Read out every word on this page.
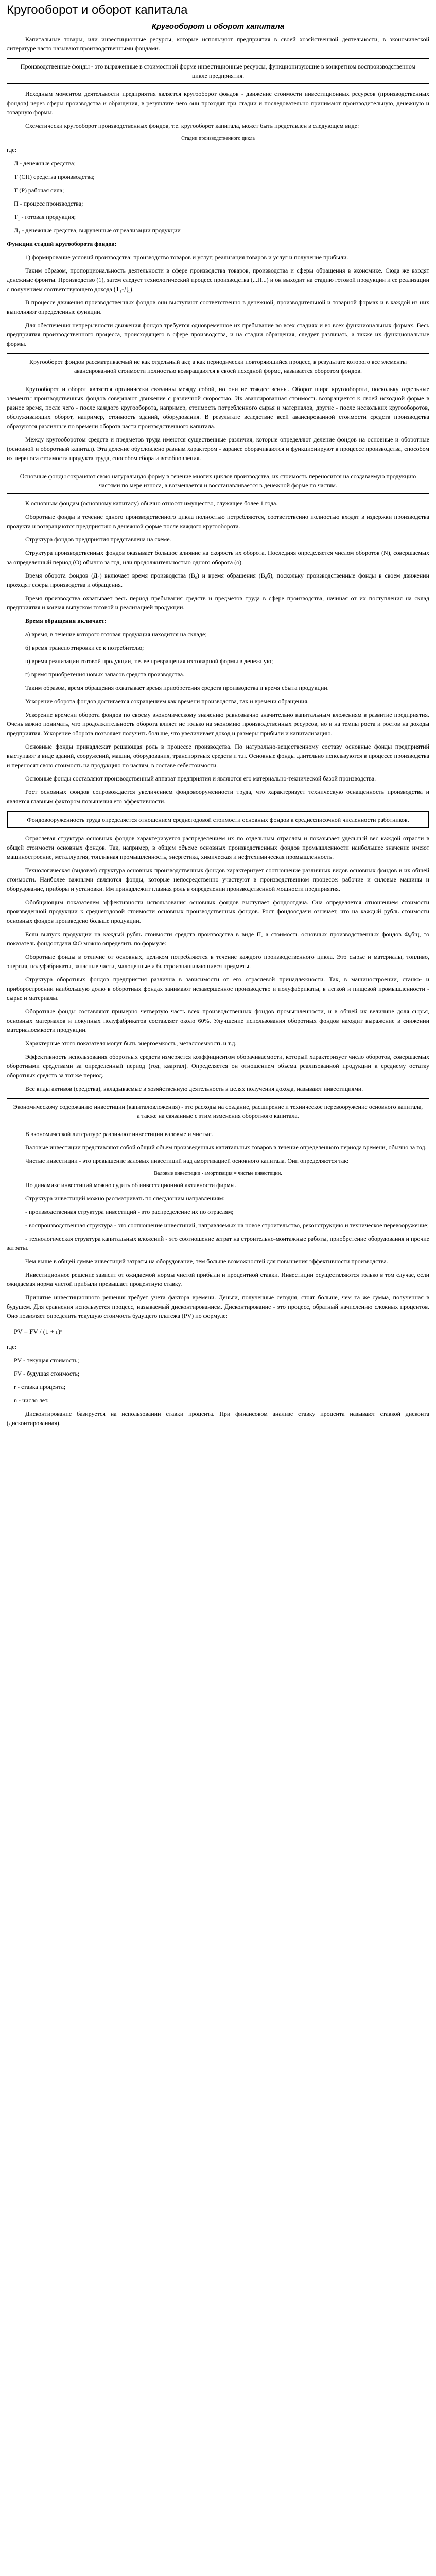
Кругооборот и оборот капитала
Кругооборот и оборот капитала

Капитальные товары, или инвестиционные ресурсы, которые используют предприятия в своей хозяйственной деятельности, в экономической литературе часто называют производственными фондами.

Производственные фонды - это выраженные в стоимостной форме инвестиционные ресурсы, функционирующие в конкретном воспроизводственном цикле предприятия.

Исходным моментом деятельности предприятия является кругооборот фондов - движение стоимости инвестиционных ресурсов (производственных фондов) через сферы производства и обращения, в результате чего они проходят три стадии и последовательно принимают производительную, денежную и товарную формы.

Схематически кругооборот производственных фондов, т.е. кругооборот капитала, может быть представлен в следующем виде:

Стадии производственного цикла

где:

Д - денежные средства;
Т (СП) средства производства;
Т (Р) рабочая сила;
П - процесс производства;
Т₁ - готовая продукция;
Д₁ - денежные средства, вырученные от реализации продукции

Функции стадий кругооборота фондов:

1) формирование условий производства: производство товаров и услуг; реализация товаров и услуг и получение прибыли.

Таким образом, пропорциональность деятельности в сфере производства товаров, производства и сферы обращения в экономике. Сюда же входят денежные фронты. Производство (1), затем следует технологический процесс производства (...П...) и он выходит на стадию готовой продукции и ее реализации с получением соответствующего дохода (Т₁-Д₁).

В процессе движения производственных фондов они выступают соответственно в денежной, производительной и товарной формах и в каждой из них выполняют определенные функции.

Для обеспечения непрерывности движения фондов требуется одновременное их пребывание во всех стадиях и во всех функциональных формах. Весь предприятия производственного процесса, происходящего в сфере производства, и на стадии обращения, следует различать, а также их функциональные формы.

Кругооборот фондов рассматриваемый не как отдельный акт, а как периодически повторяющийся процесс, в результате которого все элементы авансированной стоимости полностью возвращаются в своей исходной форме, называется оборотом фондов.

Кругооборот и оборот является органически связанны между собой, но они не тождественны. Оборот шире кругооборота, поскольку отдельные элементы производственных фондов совершают движение с различной скоростью. Их авансированная стоимость возвращается к своей исходной форме в разное время, после чего - после каждого кругооборота, например, стоимость потребленного сырья и материалов, другие - после нескольких кругооборотов, обслуживающих оборот, например, стоимость зданий, оборудования. В результате вследствие всей авансированной стоимости средств производства образуются различные по времени оборота части производственного капитала.

Между кругооборотом средств и предметов труда имеются существенные различия, которые определяют деление фондов на основные и оборотные (основной и оборотный капитал). Эта деление обусловлено разным характером - заранее оборачиваются и функционируют в процессе производства, способом их переноса стоимости продукта труда, способом сбора и возобновления.

Основные фонды сохраняют свою натуральную форму в течение многих циклов производства, их стоимость переносится на создаваемую продукцию частями по мере износа, а возмещается и восстанавливается в денежной форме по частям.

К основным фондам (основному капиталу) обычно относят имущество, служащее более 1 года.

Оборотные фонды в течение одного производственного цикла полностью потребляются, соответственно полностью входят в издержки производства продукта и возвращаются предприятию в денежной форме после каждого кругооборота.

Структура фондов предприятия представлена на схеме.

Структура производственных фондов оказывает большое влияние на скорость их оборота. Последняя определяется числом оборотов (N), совершаемых за определенный период (О) обычно за год, или продолжительностью одного оборота (о).

Время оборота фондов (Д₀) включает время производства (В₀) и время обращения (В₀б), поскольку производственные фонды в своем движении проходят сферы производства и обращения.

Время производства охватывает весь период пребывания средств и предметов труда в сфере производства, начиная от их поступления на склад предприятия и кончая выпуском готовой и реализацией продукции.

Время обращения включает:

а) время, в течение которого готовая продукция находится на складе;

б) время транспортировки ее к потребителю;

в) время реализации готовой продукции, т.е. ее превращения из товарной формы в денежную;

г) время приобретения новых запасов средств производства.

Таким образом, время обращения охватывает время приобретения средств производства и время сбыта продукции.

Ускорение оборота фондов достигается сокращением как времени производства, так и времени обращения.

Ускорение времени оборота фондов по своему экономическому значению равнозначно значительно капитальным вложениям в развитие предприятия. Очень важно понимать, что продолжительность оборота влияет не только на экономию производственных ресурсов, но и на темпы роста и ростов на доходы предприятия. Ускорение оборота позволяет получить больше, что увеличивает доход и размеры прибыли и капитализацию.

Основные фонды принадлежат решающая роль в процессе производства. По натурально-вещественному составу основные фонды предприятий выступают в виде зданий, сооружений, машин, оборудования, транспортных средств и т.п. Основные фонды длительно используются в процессе производства и переносят свою стоимость на продукцию по частям, в составе себестоимости.

Основные фонды составляют производственный аппарат предприятия и являются его материально-технической базой производства.

Рост основных фондов сопровождается увеличением фондовооруженности труда, что характеризует техническую оснащенность производства и является главным фактором повышения его эффективности.

Фондовооруженность труда определяется отношением среднегодовой стоимости основных фондов к среднесписочной численности работников.

Отраслевая структура основных фондов характеризуется распределением их по отдельным отраслям и показывает удельный вес каждой отрасли в общей стоимости основных фондов. Так, например, в общем объеме основных производственных фондов промышленности наибольшее значение имеют машиностроение, металлургия, топливная промышленность, энергетика, химическая и нефтехимическая промышленность.

Технологическая (видовая) структура основных производственных фондов характеризует соотношение различных видов основных фондов и их общей стоимости. Наиболее важными являются фонды, которые непосредственно участвуют в производственном процессе: рабочие и силовые машины и оборудование, приборы и установки. Им принадлежит главная роль в определении производственной мощности предприятия.

Обобщающим показателем эффективности использования основных фондов выступает фондоотдача. Она определяется отношением стоимости произведенной продукции к среднегодовой стоимости основных производственных фондов. Рост фондоотдачи означает, что на каждый рубль стоимости основных фондов произведено больше продукции.

Если выпуск продукции на каждый рубль стоимости средств производства в виде П, а стоимость основных производственных фондов Ф₀бщ, то показатель фондоотдачи ФО можно определить по формуле:

Оборотные фонды в отличие от основных, целиком потребляются в течение каждого производственного цикла. Это сырье и материалы, топливо, энергия, полуфабрикаты, запасные части, малоценные и быстроизнашивающиеся предметы.

Структура оборотных фондов предприятия различна в зависимости от его отраслевой принадлежности. Так, в машиностроении, станко- и приборостроении наибольшую долю в оборотных фондах занимают незавершенное производство и полуфабрикаты, в легкой и пищевой промышленности - сырье и материалы.

Оборотные фонды составляют примерно четвертую часть всех производственных фондов промышленности, и в общей их величине доля сырья, основных материалов и покупных полуфабрикатов составляет около 60%. Улучшение использования оборотных фондов находит выражение в снижении материалоемкости продукции.

Характерные этого показателя могут быть энергоемкость, металлоемкость и т.д.

Эффективность использования оборотных средств измеряется коэффициентом оборачиваемости, который характеризует число оборотов, совершаемых оборотными средствами за определенный период (год, квартал). Определяется он отношением объема реализованной продукции к среднему остатку оборотных средств за тот же период.

Все виды активов (средства), вкладываемые в хозяйственную деятельность в целях получения дохода, называют инвестициями.

Экономическому содержанию инвестиции (капиталовложения) - это расходы на создание, расширение и техническое перевооружение основного капитала, а также на связанные с этим изменения оборотного капитала.

В экономической литературе различают инвестиции валовые и чистые.

Валовые инвестиции представляют собой общий объем произведенных капитальных товаров в течение определенного периода времени, обычно за год.

Чистые инвестиции - это превышение валовых инвестиций над амортизацией основного капитала. Они определяются так:

Валовые инвестиции - амортизация = чистые инвестиции.

По динамике инвестиций можно судить об инвестиционной активности фирмы.

Структура инвестиций можно рассматривать по следующим направлениям:

- производственная структура инвестиций - это распределение их по отраслям;

- воспроизводственная структура - это соотношение инвестиций, направляемых на новое строительство, реконструкцию и техническое перевооружение;

- технологическая структура капитальных вложений - это соотношение затрат на строительно-монтажные работы, приобретение оборудования и прочие затраты.

Чем выше в общей сумме инвестиций затраты на оборудование, тем больше возможностей для повышения эффективности производства.

Инвестиционное решение зависит от ожидаемой нормы чистой прибыли и процентной ставки. Инвестиции осуществляются только в том случае, если ожидаемая норма чистой прибыли превышает процентную ставку.

Принятие инвестиционного решения требует учета фактора времени. Деньги, полученные сегодня, стоят больше, чем та же сумма, полученная в будущем. Для сравнения используется процесс, называемый дисконтированием. Дисконтирование - это процесс, обратный начислению сложных процентов. Оно позволяет определить текущую стоимость будущего платежа (PV) по формуле:

PV = FV / (1 + r)ⁿ

где:

PV - текущая стоимость;
FV - будущая стоимость;
r - ставка процента;
n - число лет.

Дисконтирование базируется на использовании ставки процента. При финансовом анализе ставку процента называют ставкой дисконта (дисконтированная).
